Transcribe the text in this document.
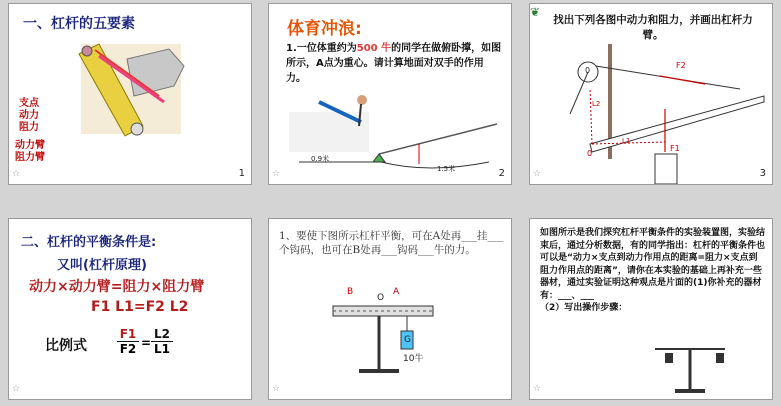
一、杠杆的五要素
支点
动力
阻力
动力臂
阻力臂
☆	1
体育冲浪:
1.一位体重约为500 牛的同学在做俯卧撑，如图所示，A点为重心。请计算地面对双手的作用力。
0.9米
1.5米
☆	2
找出下列各图中动力和阻力，并画出杠杆力臂。
❦
0
F2
F1
L2
L1
0
☆	3
二、杠杆的平衡条件是:
又叫(杠杆原理)
动力×动力臂=阻力×阻力臂
F1 L1=F2 L2
比例式
F1
F2 =
L2
L1
☆
1、要使下图所示杠杆平衡，可在A处再___挂___个钩码，也可在B处再___钩码___牛的力。
B	A
O
G
10牛
☆
如图所示是我们探究杠杆平衡条件的实验装置图，实验结束后，通过分析数据，有的同学指出：杠杆的平衡条件也可以是“动力×支点到动力作用点的距离=阻力×支点到阻力作用点的距离”，请你在本实验的基础上再补充一些器材，通过实验证明这种观点是片面的(1)你补充的器材有：___、___
（2）写出操作步骤：
☆
